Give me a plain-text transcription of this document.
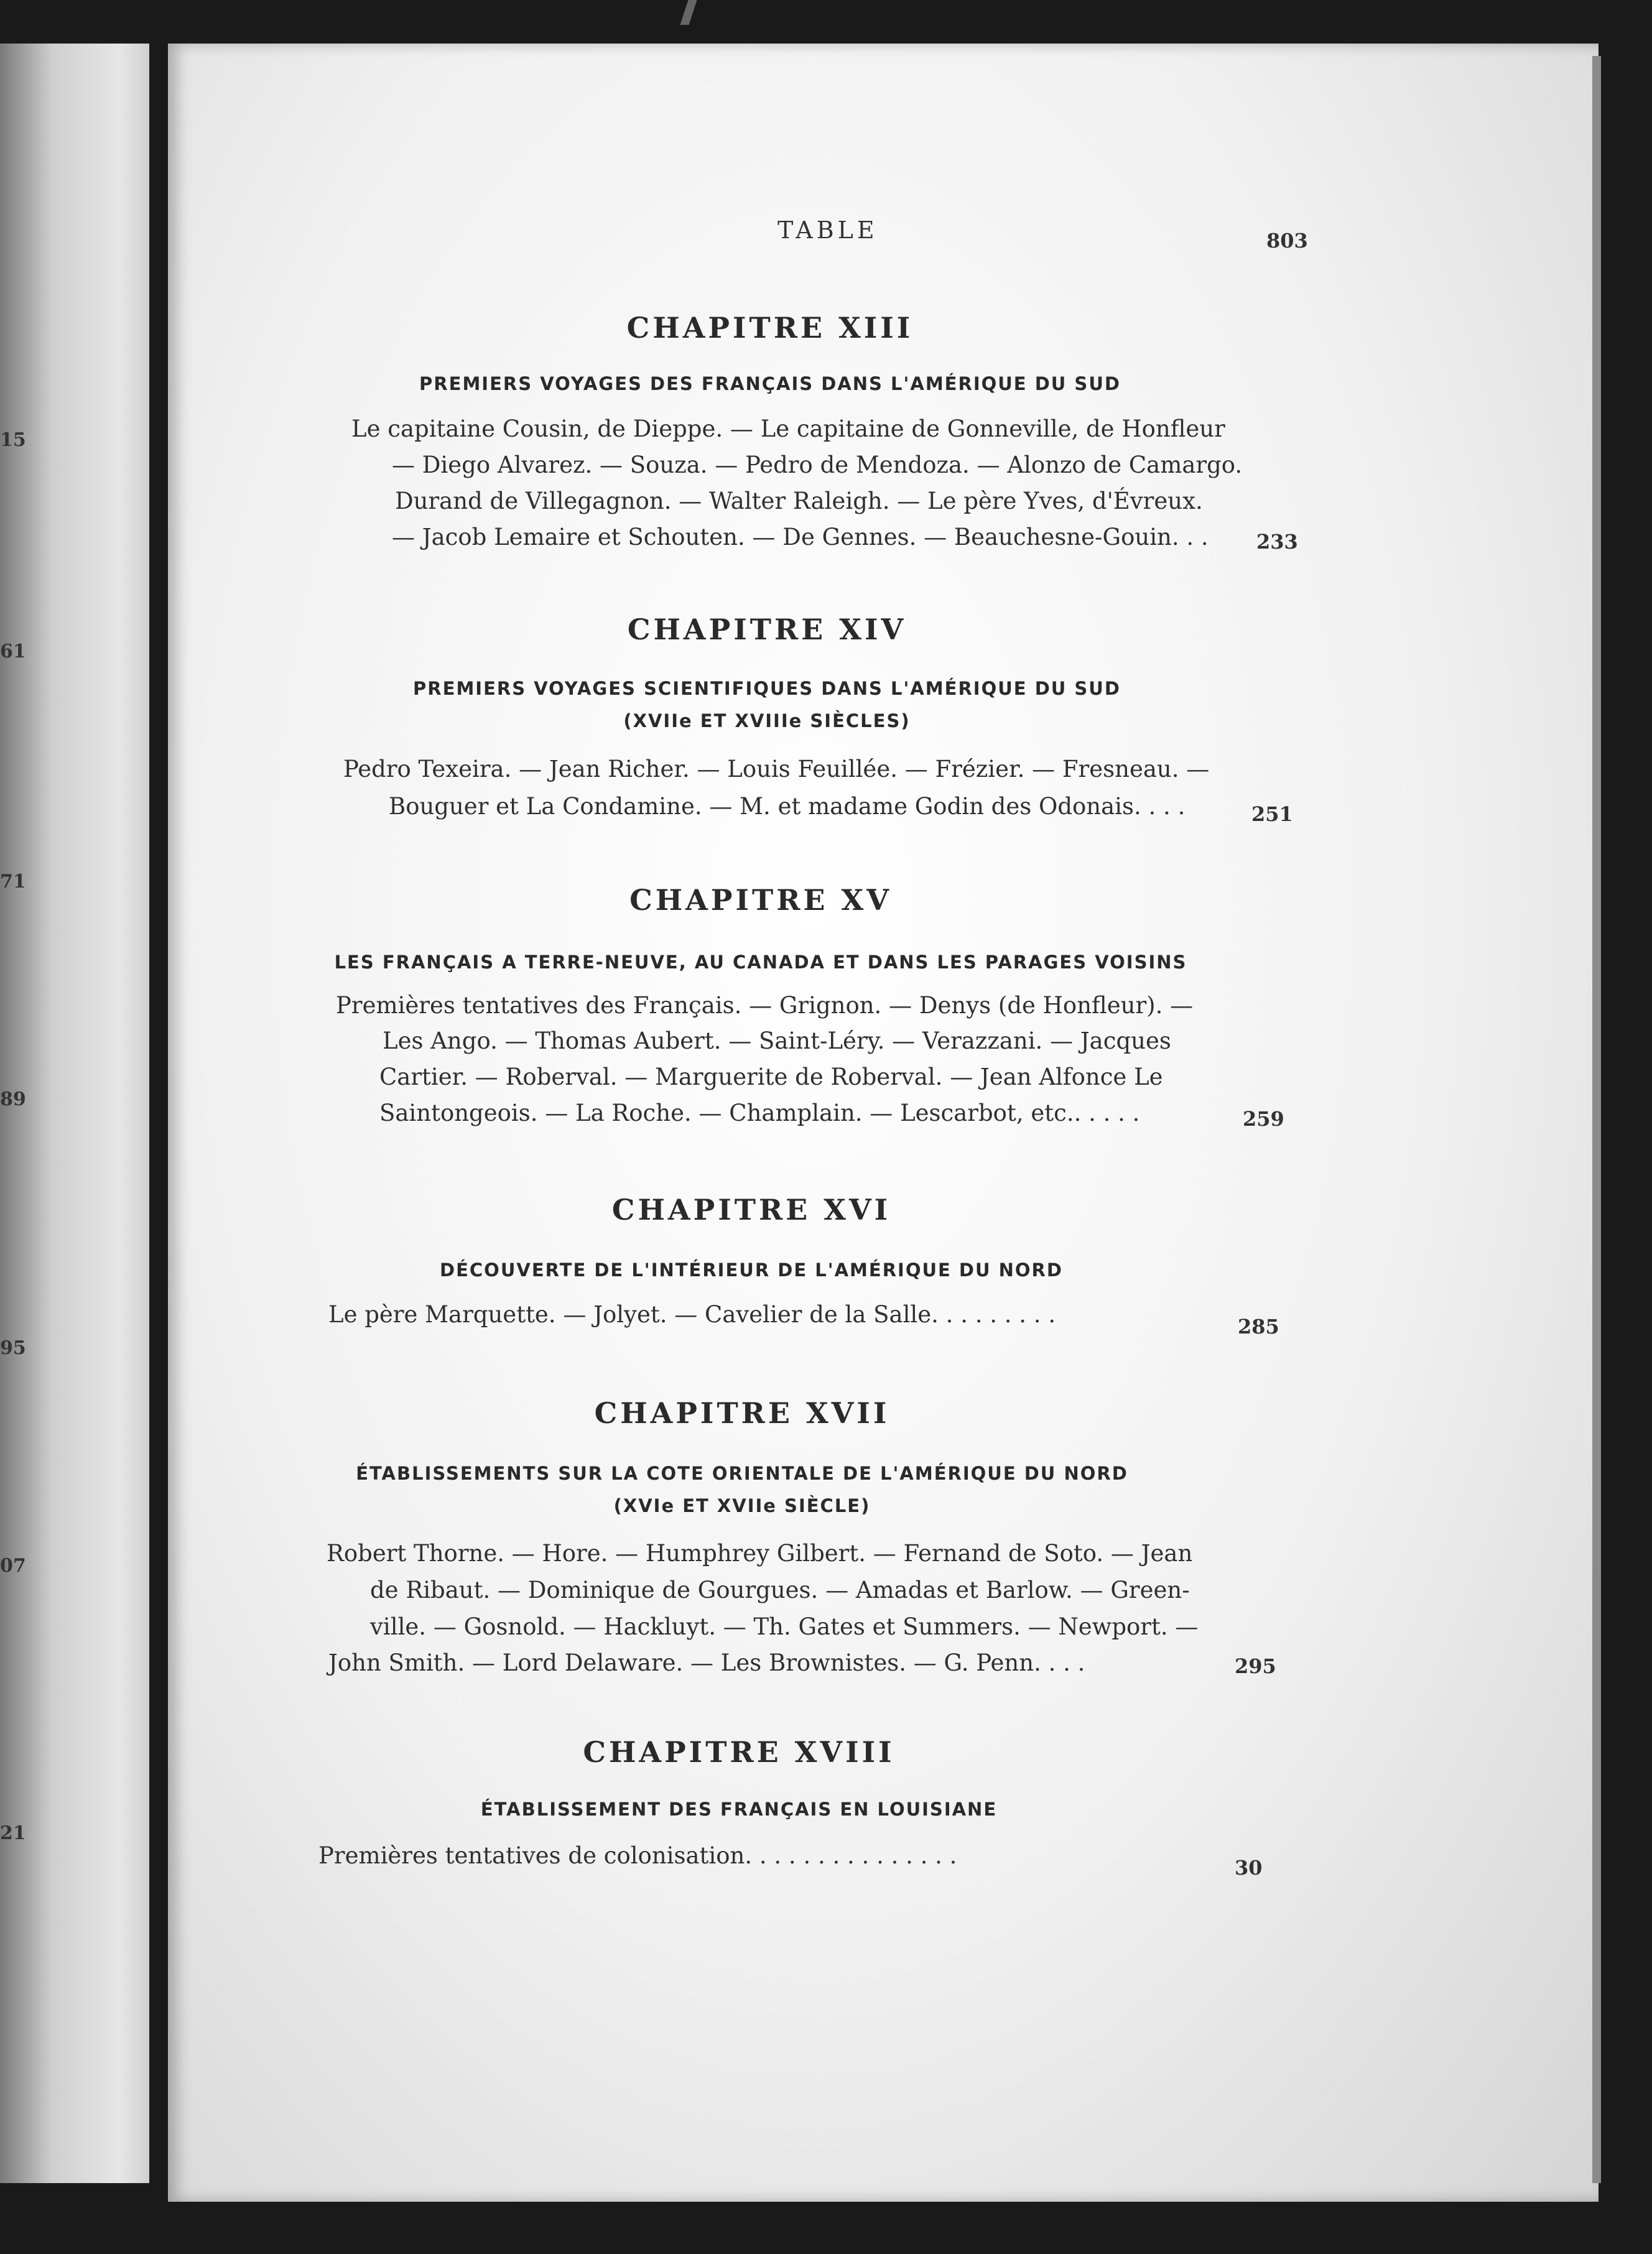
15
61
71
89
95
07
21
TABLE	803
CHAPITRE XIII
PREMIERS VOYAGES DES FRANÇAIS DANS L'AMÉRIQUE DU SUD
Le capitaine Cousin, de Dieppe. — Le capitaine de Gonneville, de Honfleur
— Diego Alvarez. — Souza. — Pedro de Mendoza. — Alonzo de Camargo.
Durand de Villegagnon. — Walter Raleigh. — Le père Yves, d'Évreux.
— Jacob Lemaire et Schouten. — De Gennes. — Beauchesne-Gouin. . . 233
CHAPITRE XIV
PREMIERS VOYAGES SCIENTIFIQUES DANS L'AMÉRIQUE DU SUD
(XVIIe ET XVIIIe SIÈCLES)
Pedro Texeira. — Jean Richer. — Louis Feuillée. — Frézier. — Fresneau. —
Bouguer et La Condamine. — M. et madame Godin des Odonais. . . .	251
CHAPITRE XV
LES FRANÇAIS A TERRE-NEUVE, AU CANADA ET DANS LES PARAGES VOISINS
Premières tentatives des Français. — Grignon. — Denys (de Honfleur). —
Les Ango. — Thomas Aubert. — Saint-Léry. — Verazzani. — Jacques
Cartier. — Roberval. — Marguerite de Roberval. — Jean Alfonce Le
Saintongeois. — La Roche. — Champlain. — Lescarbot, etc.. . . . .	259
CHAPITRE XVI
DÉCOUVERTE DE L'INTÉRIEUR DE L'AMÉRIQUE DU NORD
Le père Marquette. — Jolyet. — Cavelier de la Salle. . . . . . . . .	285
CHAPITRE XVII
ÉTABLISSEMENTS SUR LA COTE ORIENTALE DE L'AMÉRIQUE DU NORD
(XVIe ET XVIIe SIÈCLE)
Robert Thorne. — Hore. — Humphrey Gilbert. — Fernand de Soto. — Jean
de Ribaut. — Dominique de Gourgues. — Amadas et Barlow. — Green-
ville. — Gosnold. — Hackluyt. — Th. Gates et Summers. — Newport. —
John Smith. — Lord Delaware. — Les Brownistes. — G. Penn. . . .	295
CHAPITRE XVIII
ÉTABLISSEMENT DES FRANÇAIS EN LOUISIANE
Premières tentatives de colonisation. . . . . . . . . . . . . . .	30
